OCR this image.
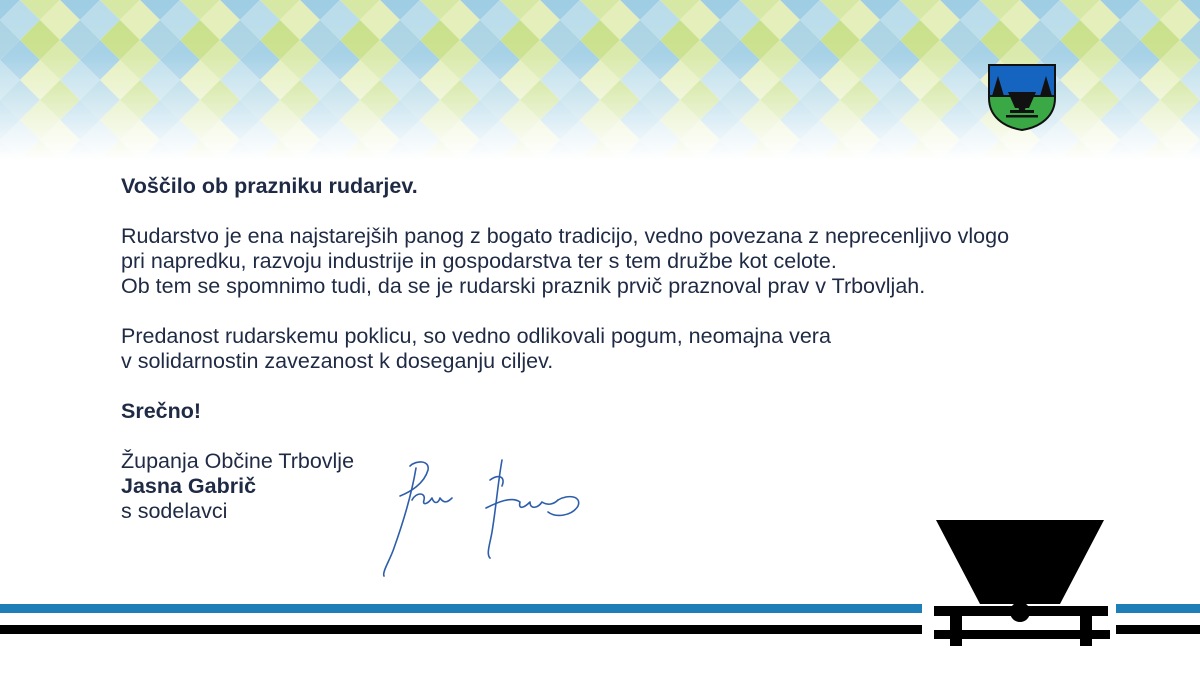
Voščilo ob prazniku rudarjev.

Rudarstvo je ena najstarejših panog z bogato tradicijo, vedno povezana z neprecenljivo vlogo
pri napredku, razvoju industrije in gospodarstva ter s tem družbe kot celote.
Ob tem se spomnimo tudi, da se je rudarski praznik prvič praznoval prav v Trbovljah.

Predanost rudarskemu poklicu, so vedno odlikovali pogum, neomajna vera
v solidarnostin zavezanost k doseganju ciljev.

Srečno!

Županja Občine Trbovlje
Jasna Gabrič
s sodelavci
